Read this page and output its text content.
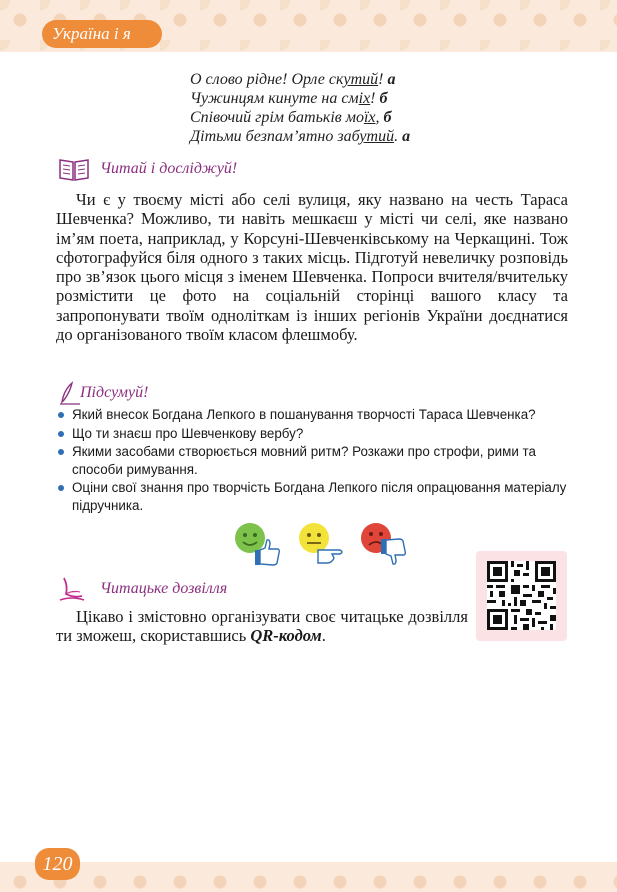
Україна і я
О слово рідне! Орле скутий! а
Чужинцям кинуте на сміх! б
Співочий грім батьків моїх, б
Дітьми безпам’ятно забутий. а
Читай і досліджуй!
Чи є у твоєму місті або селі вулиця, яку названо на честь Тараса Шевченка? Можливо, ти навіть мешкаєш у місті чи селі, яке названо ім’ям поета, наприклад, у Корсуні-Шевченківському на Черкащині. Тож сфотографуйся біля одного з таких місць. Підготуй невеличку розповідь про зв’язок цього місця з іменем Шевченка. Попроси вчителя/вчительку розмістити це фото на соціальній сторінці вашого класу та запропонувати твоїм одноліткам із інших регіонів України доєднатися до організованого твоїм класом флешмобу.
Підсумуй!
Який внесок Богдана Лепкого в пошанування творчості Тараса Шевченка?
Що ти знаєш про Шевченкову вербу?
Якими засобами створюється мовний ритм? Розкажи про строфи, рими та способи римування.
Оціни свої знання про творчість Богдана Лепкого після опрацювання матеріалу підручника.
Читацьке дозвілля
Цікаво і змістовно організувати своє читацьке дозвілля ти зможеш, скориставшись QR-кодом.
120
